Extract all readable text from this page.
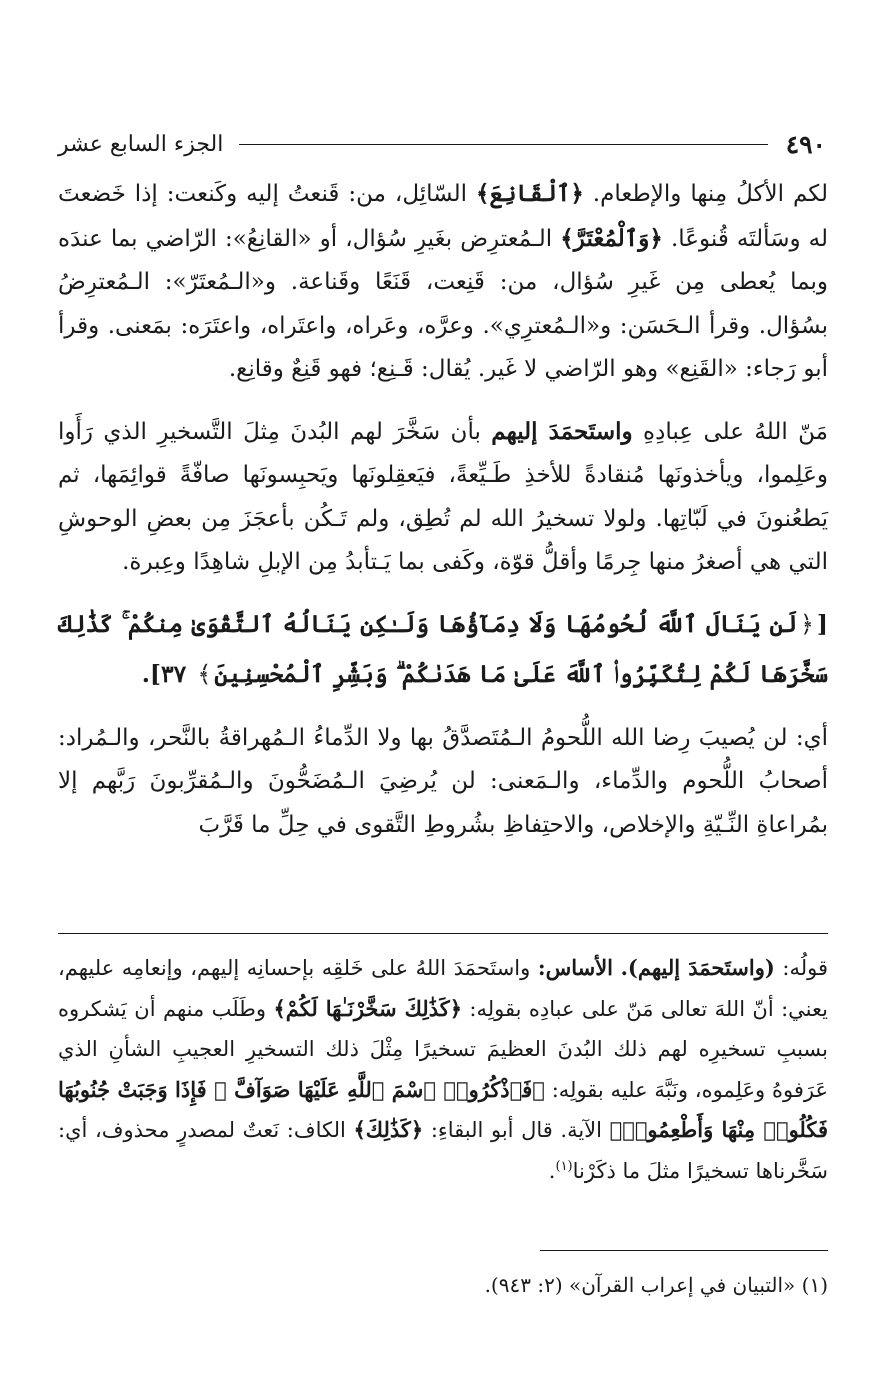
٤٩٠
الجزء السابع عشر

لكم الأكلُ مِنها والإطعام. ﴿ٱلْقَانِعَ﴾ السّائِل، من: قَنعتُ إليه وكَنعت: إذا خَضعتَ له وسَألتَه قُنوعًا. ﴿وَٱلْمُعْتَرَّ﴾ الـمُعترِض بغَيرِ سُؤال، أو «القانِعُ»: الرّاضي بما عندَه وبما يُعطى مِن غَيرِ سُؤال، من: قَنِعت، قَنَعًا وقَناعة. و«الـمُعتَرّ»: الـمُعترِضُ بسُؤال. وقرأ الـحَسَن: و«الـمُعترِي». وعرَّه، وعَراه، واعتَراه، واعتَرَه: بمَعنى. وقرأ أبو رَجاء: «القَنِع» وهو الرّاضي لا غَير. يُقال: قَـنِع؛ فهو قَنِعٌ وقانِع.

مَنّ اللهُ على عِبادِهِ واستَحمَدَ إليهم بأن سَخَّرَ لهم البُدنَ مِثلَ التَّسخيرِ الذي رَأَوا وعَلِموا، ويأخذونَها مُنقادةً للأخذِ طَـيِّعةً، فيَعقِلونَها ويَحبِسونَها صافّةً قوائِمَها، ثم يَطعُنونَ في لَبّاتِها. ولولا تسخيرُ الله لم تُطِق، ولم تَـكُن بأعجَزَ مِن بعضِ الوحوشِ التي هي أصغرُ منها جِرمًا وأقلُّ قوّة، وكَفى بما يَـتأبدُ مِن الإبلِ شاهِدًا وعِبرة.

[﴿لَن يَنَالَ ٱللَّهَ لُحُومُهَا وَلَا دِمَآؤُهَا وَلَـٰكِن يَنَالُهُ ٱلتَّقْوَىٰ مِنكُمْ ۚ كَذَٰلِكَ سَخَّرَهَا لَكُمْ لِتُكَبِّرُوا۟ ٱللَّهَ عَلَىٰ مَا هَدَىٰكُمْ ۗ وَبَشِّرِ ٱلْمُحْسِنِينَ﴾ ٣٧].

أي: لن يُصيبَ رِضا الله اللُّحومُ الـمُتَصدَّقُ بها ولا الدِّماءُ الـمُهراقةُ بالنَّحر، والـمُراد: أصحابُ اللُّحوم والدِّماء، والـمَعنى: لن يُرضِيَ الـمُضَحُّونَ والـمُقرِّبونَ رَبَّهم إلا بمُراعاةِ النِّـيّةِ والإخلاص، والاحتِفاظِ بشُروطِ التَّقوى في حِلِّ ما قَرَّبَ

قولُه: (واستَحمَدَ إليهم). الأساس: واستَحمَدَ اللهُ على خَلقِه بإحسانِه إليهم، وإنعامِه عليهم، يعني: أنّ اللهَ تعالى مَنّ على عبادِه بقولِه: ﴿كَذَٰلِكَ سَخَّرْنَـٰهَا لَكُمْ﴾ وطَلَب منهم أن يَشكروه بسببِ تسخيرِه لهم ذلك البُدنَ العظيمَ تسخيرًا مِثْلَ ذلك التسخيرِ العجيبِ الشأنِ الذي عَرَفوهُ وعَلِموه، ونَبَّهَ عليه بقولِه: ﴿فَٱذْكُرُوا۟ ٱسْمَ ٱللَّهِ عَلَيْهَا صَوَآفَّ ۖ فَإِذَا وَجَبَتْ جُنُوبُهَا فَكُلُوا۟ مِنْهَا وَأَطْعِمُوا۟﴾ الآية. قال أبو البقاءِ: ﴿كَذَٰلِكَ﴾ الكاف: نَعتٌ لمصدرٍ محذوف، أي: سَخَّرناها تسخيرًا مثلَ ما ذكَرْنا$^{(١)}$.

(١) «التبيان في إعراب القرآن» (٢: ٩٤٣).
